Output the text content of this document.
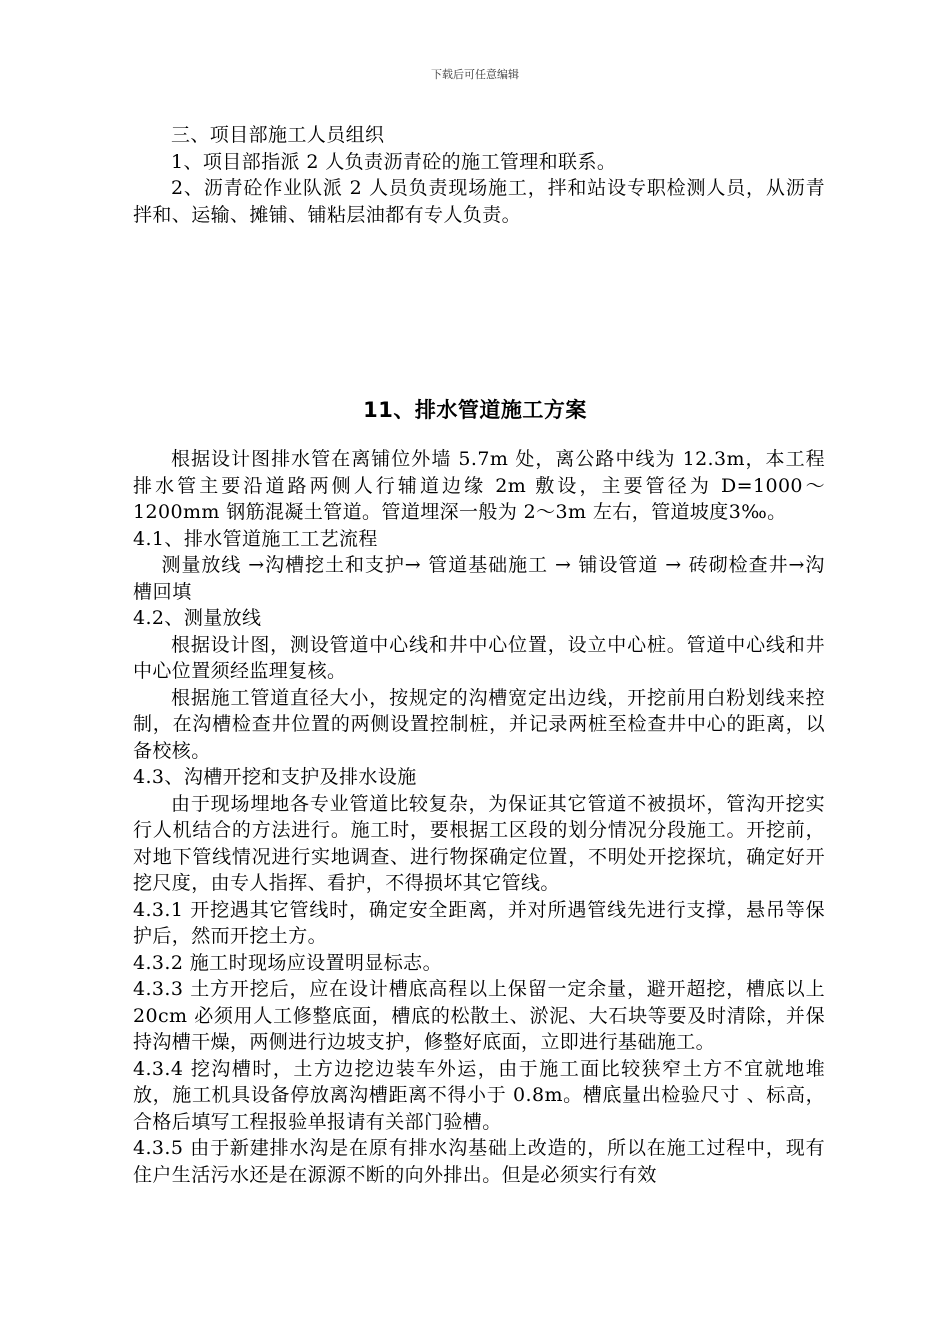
下载后可任意编辑

三、项目部施工人员组织

1、项目部指派 2 人负责沥青砼的施工管理和联系。

2、沥青砼作业队派 2 人员负责现场施工，拌和站设专职检测人员，从沥青拌和、运输、摊铺、铺粘层油都有专人负责。

11、排水管道施工方案

根据设计图排水管在离铺位外墙 5.7m 处，离公路中线为 12.3m，本工程排水管主要沿道路两侧人行辅道边缘 2m 敷设，主要管径为 D=1000～1200mm 钢筋混凝土管道。管道埋深一般为 2～3m 左右，管道坡度3‰。

4.1、排水管道施工工艺流程

测量放线 →沟槽挖土和支护→ 管道基础施工 → 铺设管道 → 砖砌检查井→沟槽回填

4.2、测量放线

根据设计图，测设管道中心线和井中心位置，设立中心桩。管道中心线和井中心位置须经监理复核。

根据施工管道直径大小，按规定的沟槽宽定出边线，开挖前用白粉划线来控制，在沟槽检查井位置的两侧设置控制桩，并记录两桩至检查井中心的距离，以备校核。

4.3、沟槽开挖和支护及排水设施

由于现场埋地各专业管道比较复杂，为保证其它管道不被损坏，管沟开挖实行人机结合的方法进行。施工时，要根据工区段的划分情况分段施工。开挖前，对地下管线情况进行实地调查、进行物探确定位置，不明处开挖探坑，确定好开挖尺度，由专人指挥、看护，不得损坏其它管线。

4.3.1 开挖遇其它管线时，确定安全距离，并对所遇管线先进行支撑，悬吊等保护后，然而开挖土方。

4.3.2 施工时现场应设置明显标志。

4.3.3 土方开挖后，应在设计槽底高程以上保留一定余量，避开超挖，槽底以上 20cm 必须用人工修整底面，槽底的松散土、淤泥、大石块等要及时清除，并保持沟槽干燥，两侧进行边坡支护，修整好底面，立即进行基础施工。

4.3.4 挖沟槽时，土方边挖边装车外运，由于施工面比较狭窄土方不宜就地堆放，施工机具设备停放离沟槽距离不得小于 0.8m。槽底量出检验尺寸 、标高，合格后填写工程报验单报请有关部门验槽。

4.3.5 由于新建排水沟是在原有排水沟基础上改造的，所以在施工过程中，现有住户生活污水还是在源源不断的向外排出。但是必须实行有效
